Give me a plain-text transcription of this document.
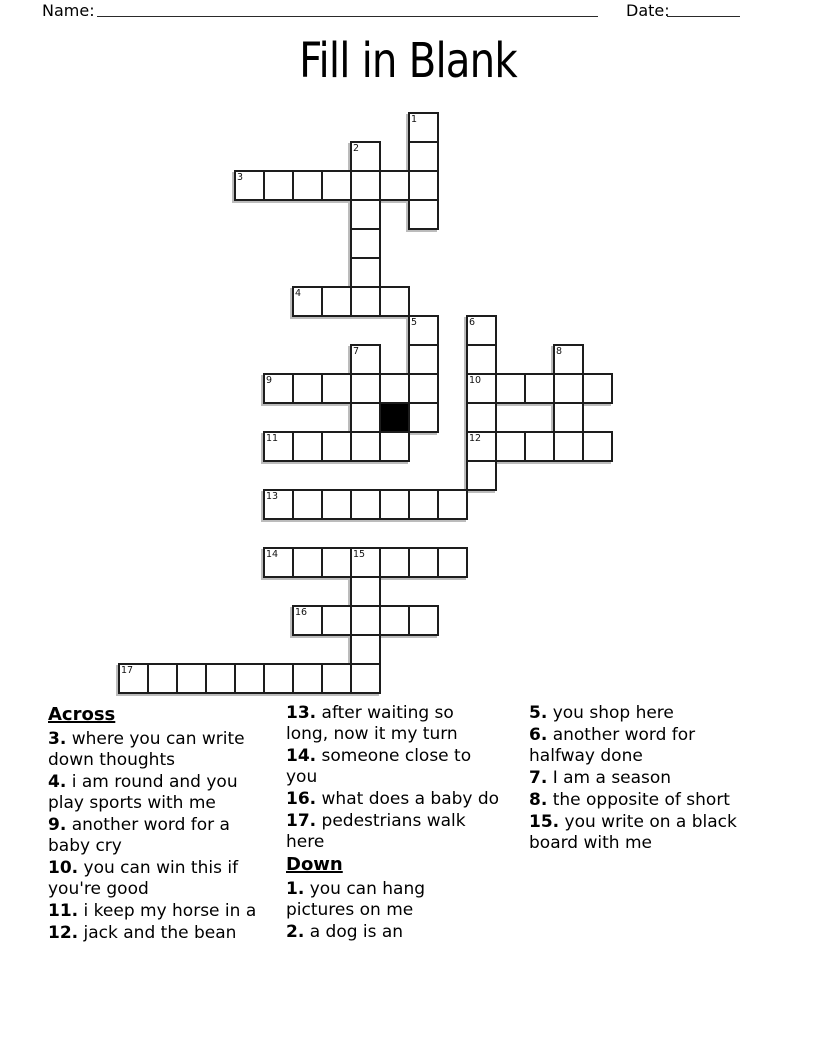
Name:	Date:
Fill in Blank
1
2
3
4
5	6
7	8
9	10
11	12
13
14	15
16
17
Across
3. where you can write
down thoughts
4. i am round and you
play sports with me
9. another word for a
baby cry
10. you can win this if
you're good
11. i keep my horse in a
12. jack and the bean
13. after waiting so
long, now it my turn
14. someone close to
you
16. what does a baby do
17. pedestrians walk
here
Down
1. you can hang
pictures on me
2. a dog is an
5. you shop here
6. another word for
halfway done
7. I am a season
8. the opposite of short
15. you write on a black
board with me
